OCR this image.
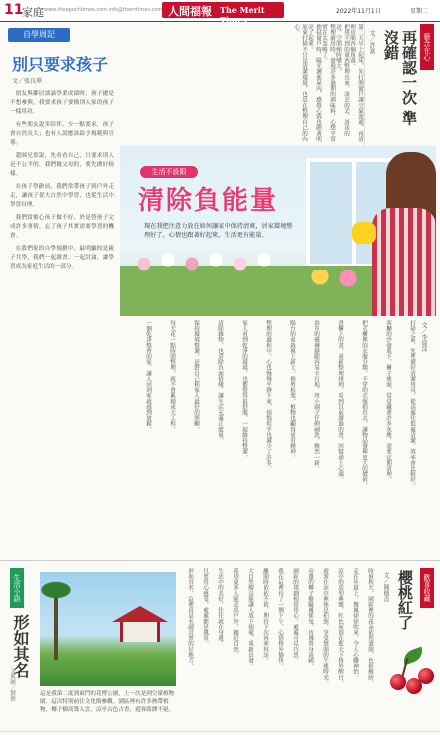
11
家庭 www.theepochtimes.com info@themtimes.com 人間福報 The Merit Times
2022年11月1日	星期二
自學周記
別只要求孩子
文／張良華

朋友與鄰居談論學業成績時，孩子總是不想參與，我要求孩子要像別人家的孩子一樣用功。

有些朋友說多陪伴、少一點要求，孩子會自然長大；也有人說應該給予規範與引導。

趙師兄常說，先看看自己，只要求別人是不公平的，我們做父母的，要先做好榜樣。

在孩子學齡前，我們常帶孩子到戶外走走，讓孩子從大自然中學習，也從生活中學習自理。

我們常擔心孩子做不好，於是替孩子完成許多事情，忘了孩子其實需要學習的機會。

在我們家的自學規劃中，最明顯的是親子共學，我們一起讀書、一起討論，讓學習成為家庭生活的一部分。

第二天早上起床，先打開窗戶讓空氣流通，再清理房間各個角落。
把用不到的東西整理出來，該丟的丟、該送的送，空間頓時變大。
整理廚房時，發現許多過期的調味料，心想平常實在太忽略了。
擦拭窗戶時，陽光灑進屋內，感覺心情也跟著明亮了起來。
原來打掃不只是清潔環境，也是在整理自己的內心。
藝念在心
再確認一次 準沒錯
文／許富
生活不設限
清除負能量
現在我把注意力放在如何讓家中保持清爽，居家環境整理好了，心情也跟著好起來，生活更有能量。
文／李瑞萍
打掃之前，先準備好清潔用具，從高處往低處清潔，效率會比較好。
客廳的沙發底下、櫃子後面，常常藏著許多灰塵，需要定期清理。
把衣櫃裡的衣服分類，不穿的衣服捐出去，讓物品發揮更大的價值。
書櫃上的書，重新整理排列，看到以前讀過的書，回憶湧上心頭。
浴室的磁磚縫隙容易卡污垢，用小刷子仔細刷洗，煥然一新。
陽台的盆栽換上新土，修剪枯葉，植物也顯得更有精神。
整理的過程中，心也慢慢平靜下來，煩惱似乎也減少了許多。
家人看到乾淨的環境，也都覺得很舒服，一起維持整潔。
清除雜物，也清除負面情緒，讓生活充滿正能量。
保持環境整潔，是對自己和家人最好的照顧。
每天花一點時間整理，就不會累積成大工程。
一個乾淨整齊的家，讓人回到家就感到放鬆。
生活小語
形如其名
文與圖／劉德	這是我第二度到東門的花博公園，上一次是到空濛植物園，這次特別前往文化館參觀。園區裡有許多熱帶植物，椰子樹高聳入雲，涼亭古色古香，遊客絡繹不絕。
時值秋天，園區裡的花朵依然盛開，色彩繽紛。
走在步道上，微風徐徐吹來，令人心曠神怡。
涼亭的造型典雅，紅色屋頂在藍天下格外醒目。
遊客在涼亭裡休息拍照，享受悠閒的午後時光。
旁邊的椰子樹隨風搖曳，彷彿置身南國。
園區的規劃相當用心，處處可見巧思。
我在這裡待了一個下午，心情格外愉快。
離開時依依不捨，期待下次再來拜訪。
大自然總是能讓人放下煩憂，重新出發。
希望更多人能走出戶外，親近自然。
生活中的美好，往往就在身邊。
只要用心感受，處處都是風景。
形如其名，這裡真是名副其實的好地方。	歡喜收藏
櫻桃紅了
文／陳德貞
